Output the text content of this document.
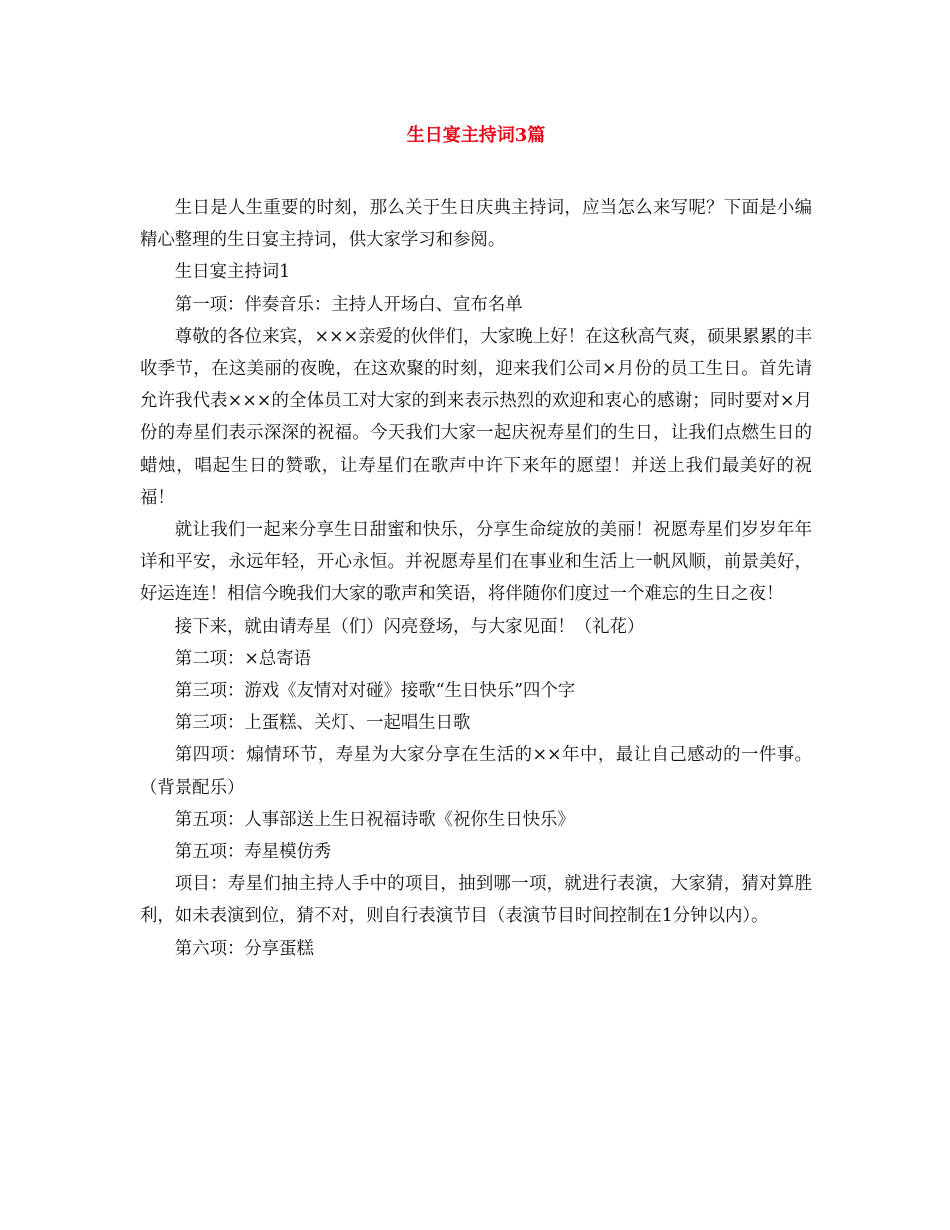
生日宴主持词3篇

生日是人生重要的时刻，那么关于生日庆典主持词，应当怎么来写呢？下面是小编精心整理的生日宴主持词，供大家学习和参阅。

生日宴主持词1

第一项：伴奏音乐：主持人开场白、宣布名单

尊敬的各位来宾，×××亲爱的伙伴们，大家晚上好！在这秋高气爽，硕果累累的丰收季节，在这美丽的夜晚，在这欢聚的时刻，迎来我们公司×月份的员工生日。首先请允许我代表×××的全体员工对大家的到来表示热烈的欢迎和衷心的感谢；同时要对×月份的寿星们表示深深的祝福。今天我们大家一起庆祝寿星们的生日，让我们点燃生日的蜡烛，唱起生日的赞歌，让寿星们在歌声中许下来年的愿望！并送上我们最美好的祝福！

就让我们一起来分享生日甜蜜和快乐，分享生命绽放的美丽！祝愿寿星们岁岁年年详和平安，永远年轻，开心永恒。并祝愿寿星们在事业和生活上一帆风顺，前景美好，好运连连！相信今晚我们大家的歌声和笑语，将伴随你们度过一个难忘的生日之夜！

接下来，就由请寿星（们）闪亮登场，与大家见面！（礼花）

第二项：×总寄语

第三项：游戏《友情对对碰》接歌“生日快乐”四个字

第三项：上蛋糕、关灯、一起唱生日歌

第四项：煽情环节，寿星为大家分享在生活的××年中，最让自己感动的一件事。（背景配乐）

第五项：人事部送上生日祝福诗歌《祝你生日快乐》

第五项：寿星模仿秀

项目：寿星们抽主持人手中的项目，抽到哪一项，就进行表演，大家猜，猜对算胜利，如未表演到位，猜不对，则自行表演节目（表演节目时间控制在1分钟以内）。

第六项：分享蛋糕
